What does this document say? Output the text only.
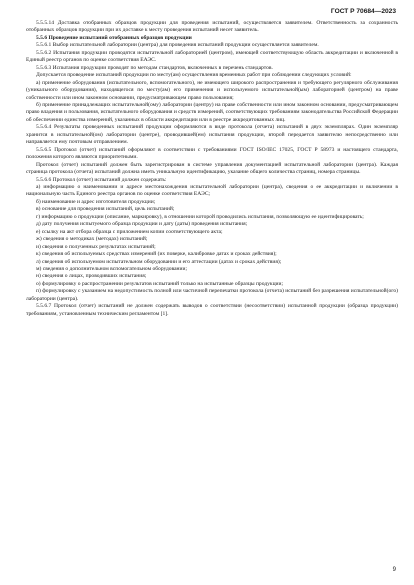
ГОСТ Р 70684—2023

5.5.5.14 Доставка отобранных образцов продукции для проведения испытаний, осуществляется заявителем. Ответственность за сохранность отобранных образцов продукции при их доставке к месту проведения испытаний несет заявитель.

5.5.6 Проведение испытаний отобранных образцов продукции

5.5.6.1 Выбор испытательной лаборатории (центра) для проведения испытаний продукции осуществляется заявителем.

5.5.6.2 Испытания продукции проводятся испытательной лабораторией (центром), имеющей соответствующую область аккредитации и включенной в Единый реестр органов по оценке соответствия ЕАЭС.

5.5.6.3 Испытания продукции проводят по методам стандартов, включенных в перечень стандартов.

Допускается проведение испытаний продукции по месту(ам) осуществления временных работ при соблюдении следующих условий:

а) применение оборудования (испытательного, вспомогательного), не имеющего широкого распространения и требующего регулярного обслуживания (уникального оборудования), находящегося по месту(ам) его применения и используемого испытательной(ым) лабораторией (центром) на праве собственности или ином законном основании, предусматривающем право пользования;

б) применение принадлежащих испытательной(ому) лаборатории (центру) на праве собственности или ином законном основании, предусматривающем право владения и пользования, испытательного оборудования и средств измерений, соответствующих требованиям законодательства Российской Федерации об обеспечении единства измерений, указанных в области аккредитации или в реестре аккредитованных лиц.

5.5.6.4 Результаты проведенных испытаний продукции оформляются в виде протокола (отчета) испытаний в двух экземплярах. Один экземпляр хранится в испытательной(ом) лаборатории (центре), проводившей(ем) испытания продукции, второй передается заявителю непосредственно или направляется ему почтовым отправлением.

5.5.6.5 Протокол (отчет) испытаний оформляют в соответствии с требованиями ГОСТ ISO/IEC 17025, ГОСТ Р 58973 и настоящего стандарта, положения которого являются приоритетными.

Протокол (отчет) испытаний должен быть зарегистрирован в системе управления документацией испытательной лаборатории (центра). Каждая страница протокола (отчета) испытаний должна иметь уникальную идентификацию, указание общего количества страниц, номера страницы.

5.5.6.6 Протокол (отчет) испытаний должен содержать:

а) информацию о наименовании и адресе местонахождения испытательной лаборатории (центра), сведения о ее аккредитации и включении в национальную часть Единого реестра органов по оценке соответствия ЕАЭС;

б) наименование и адрес изготовителя продукции;

в) основание для проведения испытаний, цель испытаний;

г) информацию о продукции (описание, маркировку), в отношении которой проводились испытания, позволяющую ее идентифицировать;

д) дату получения испытуемого образца продукции и дату (даты) проведения испытания;

е) ссылку на акт отбора образца с приложением копии соответствующего акта;

ж) сведения о методиках (методах) испытаний;

и) сведения о полученных результатах испытаний;

к) сведения об используемых средствах измерений (их поверке, калибровке датах и сроках действия);

л) сведения об используемом испытательном оборудовании и его аттестации (датах и сроках действия);

м) сведения о дополнительном вспомогательном оборудовании;

н) сведения о лицах, проводивших испытания;

о) формулировку о распространении результатов испытаний только на испытанные образцы продукции;

п) формулировку с указанием на недопустимость полной или частичной перепечатки протокола (отчета) испытаний без разрешения испытательной(ого) лаборатории (центра).

5.5.6.7 Протокол (отчет) испытаний не должен содержать выводов о соответствии (несоответствии) испытанной продукции (образца продукции) требованиям, установленным техническим регламентом [1].

9
